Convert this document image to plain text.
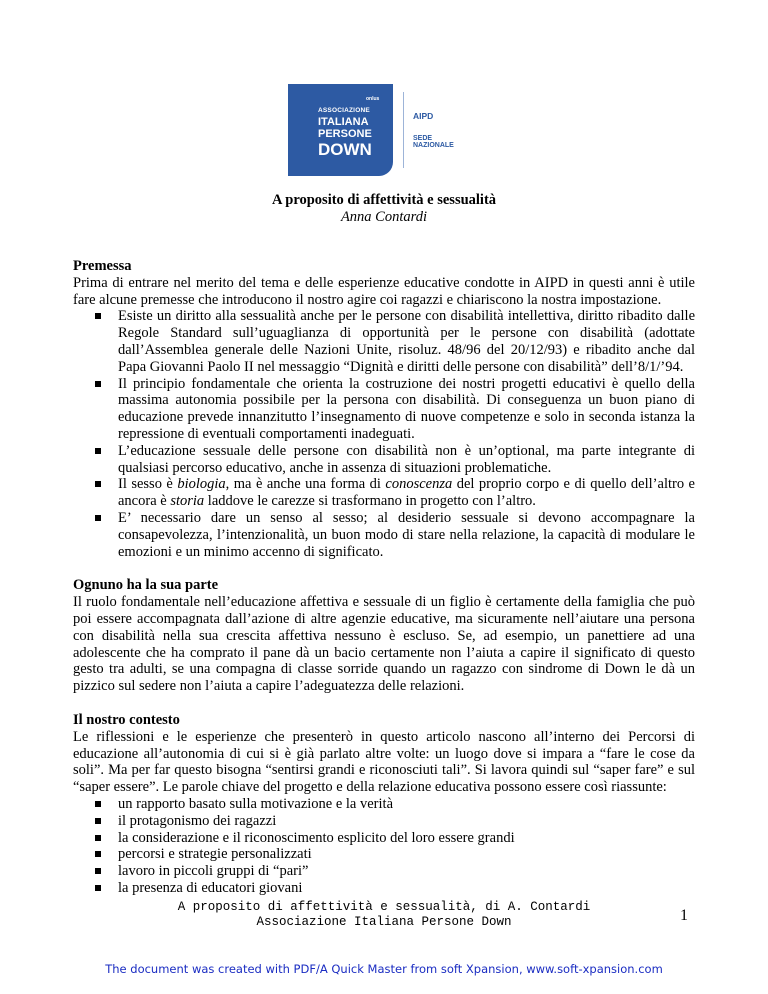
onlus
ASSOCIAZIONE
ITALIANA
PERSONE
DOWN
AIPD
SEDE
NAZIONALE
A proposito di affettività e sessualità
Anna Contardi
Premessa

Prima di entrare nel merito del tema e delle esperienze educative condotte in AIPD in questi anni è utile fare alcune premesse che introducono il nostro agire coi ragazzi e chiariscono la nostra impostazione.

Esiste un diritto alla sessualità anche per le persone con disabilità intellettiva, diritto ribadito dalle Regole Standard sull’uguaglianza di opportunità per le persone con disabilità (adottate dall’Assemblea generale delle Nazioni Unite, risoluz. 48/96 del 20/12/93) e ribadito anche dal Papa Giovanni Paolo II nel messaggio “Dignità e diritti delle persone con disabilità” dell’8/1/’94.
Il principio fondamentale che orienta la costruzione dei nostri progetti educativi è quello della massima autonomia possibile per la persona con disabilità. Di conseguenza un buon piano di educazione prevede innanzitutto l’insegnamento di nuove competenze e solo in seconda istanza la repressione di eventuali comportamenti inadeguati.
L’educazione sessuale delle persone con disabilità non è un’optional, ma parte integrante di qualsiasi percorso educativo, anche in assenza di situazioni problematiche.
Il sesso è biologia, ma è anche una forma di conoscenza del proprio corpo e di quello dell’altro e ancora è storia laddove le carezze si trasformano in progetto con l’altro.
E’ necessario dare un senso al sesso; al desiderio sessuale si devono accompagnare la consapevolezza, l’intenzionalità, un buon modo di stare nella relazione, la capacità di modulare le emozioni e un minimo accenno di significato.
Ognuno ha la sua parte

Il ruolo fondamentale nell’educazione affettiva e sessuale di un figlio è certamente della famiglia che può poi essere accompagnata dall’azione di altre agenzie educative, ma sicuramente nell’aiutare una persona con disabilità nella sua crescita affettiva nessuno è escluso. Se, ad esempio, un panettiere ad una adolescente che ha comprato il pane dà un bacio certamente non l’aiuta a capire il significato di questo gesto tra adulti, se una compagna di classe sorride quando un ragazzo con sindrome di Down le dà un pizzico sul sedere non l’aiuta a capire l’adeguatezza delle relazioni.

Il nostro contesto

Le riflessioni e le esperienze che presenterò in questo articolo nascono all’interno dei Percorsi di educazione all’autonomia di cui si è già parlato altre volte: un luogo dove si impara a “fare le cose da soli”. Ma per far questo bisogna “sentirsi grandi e riconosciuti tali”. Si lavora quindi sul “saper fare” e sul “saper essere”. Le parole chiave del progetto e della relazione educativa possono essere così riassunte:

un rapporto basato sulla motivazione e la verità
il protagonismo dei ragazzi
la considerazione e il riconoscimento esplicito del loro essere grandi
percorsi e strategie personalizzati
lavoro in piccoli gruppi di “pari”
la presenza di educatori giovani
A proposito di affettività e sessualità, di A. Contardi
Associazione Italiana Persone Down	1
The document was created with PDF/A Quick Master from soft Xpansion, www.soft-xpansion.com
